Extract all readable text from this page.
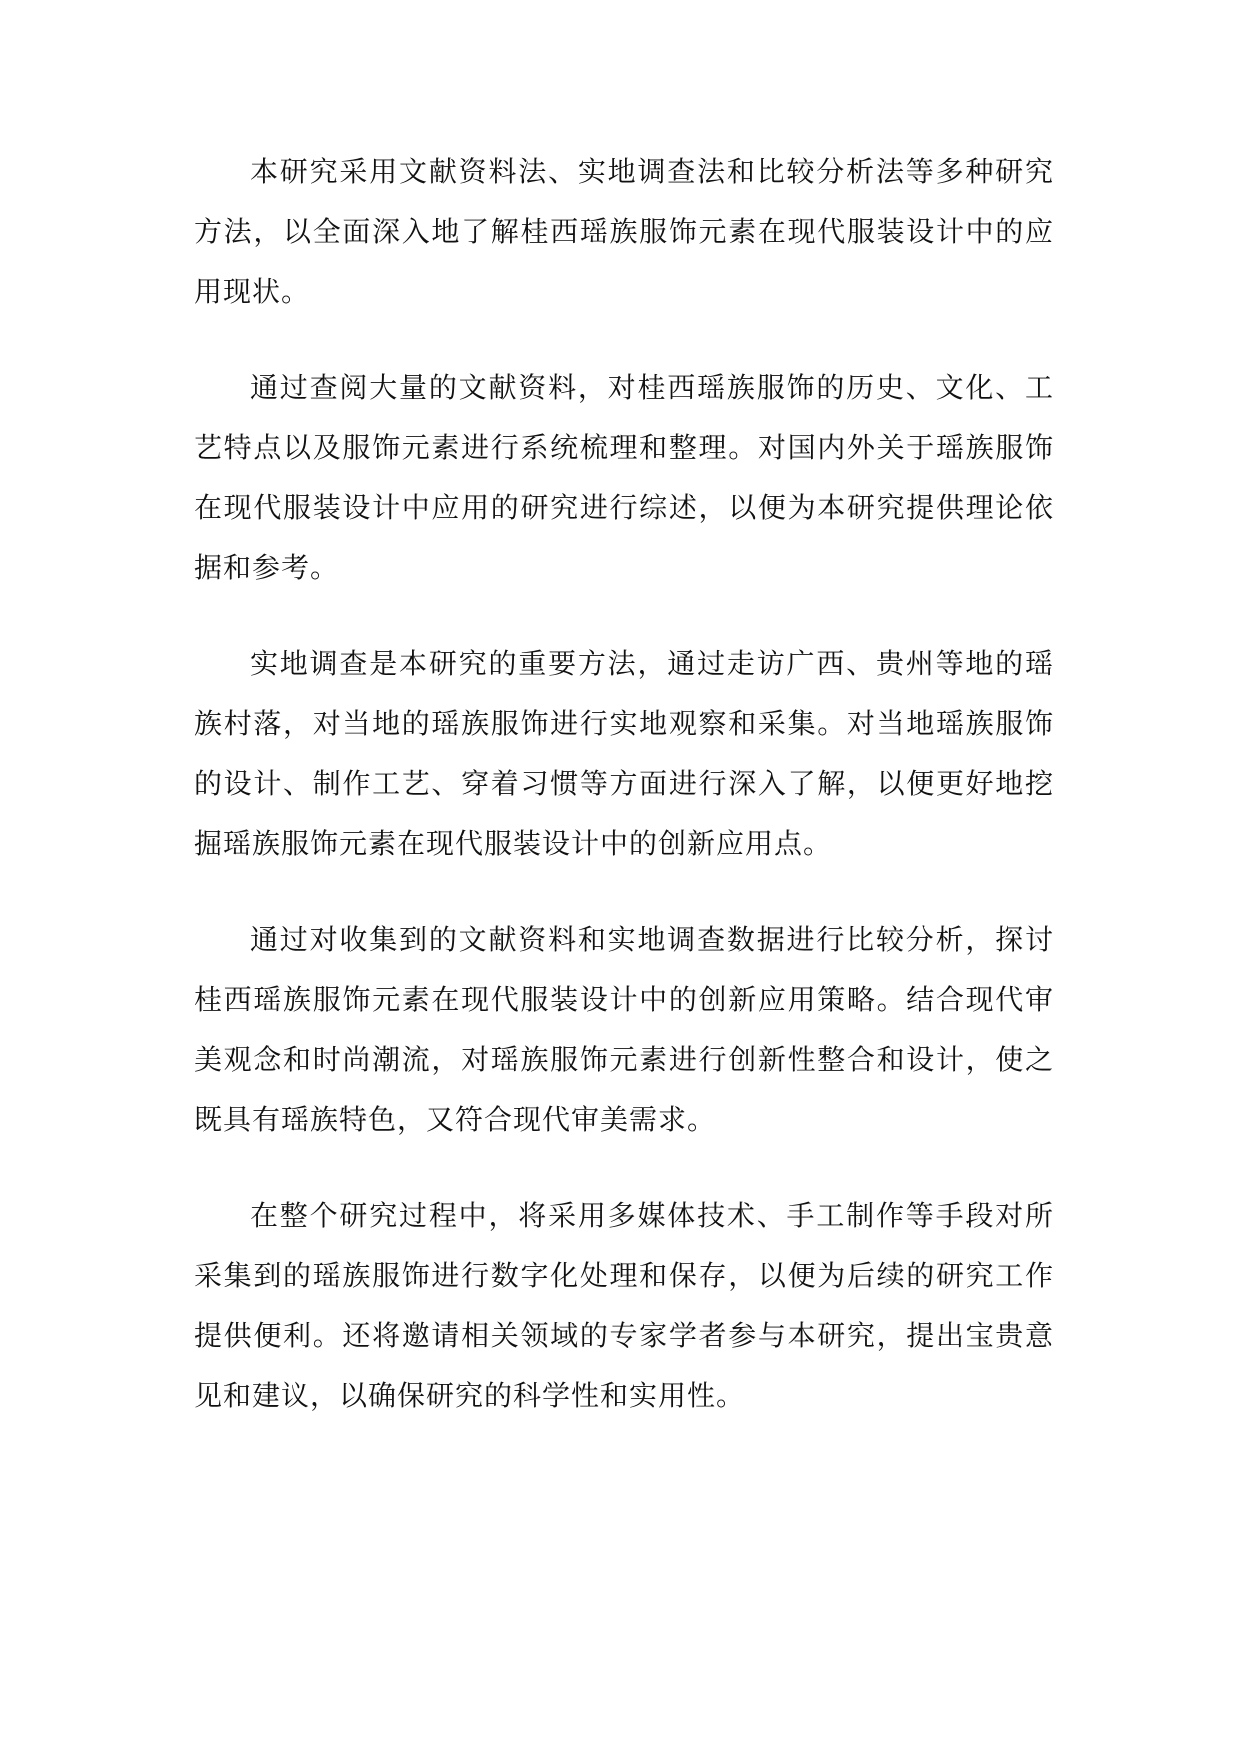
本研究采用文献资料法、实地调查法和比较分析法等多种研究方法，以全面深入地了解桂西瑶族服饰元素在现代服装设计中的应用现状。

通过查阅大量的文献资料，对桂西瑶族服饰的历史、文化、工艺特点以及服饰元素进行系统梳理和整理。对国内外关于瑶族服饰在现代服装设计中应用的研究进行综述，以便为本研究提供理论依据和参考。

实地调查是本研究的重要方法，通过走访广西、贵州等地的瑶族村落，对当地的瑶族服饰进行实地观察和采集。对当地瑶族服饰的设计、制作工艺、穿着习惯等方面进行深入了解，以便更好地挖掘瑶族服饰元素在现代服装设计中的创新应用点。

通过对收集到的文献资料和实地调查数据进行比较分析，探讨桂西瑶族服饰元素在现代服装设计中的创新应用策略。结合现代审美观念和时尚潮流，对瑶族服饰元素进行创新性整合和设计，使之既具有瑶族特色，又符合现代审美需求。

在整个研究过程中，将采用多媒体技术、手工制作等手段对所采集到的瑶族服饰进行数字化处理和保存，以便为后续的研究工作提供便利。还将邀请相关领域的专家学者参与本研究，提出宝贵意见和建议，以确保研究的科学性和实用性。
